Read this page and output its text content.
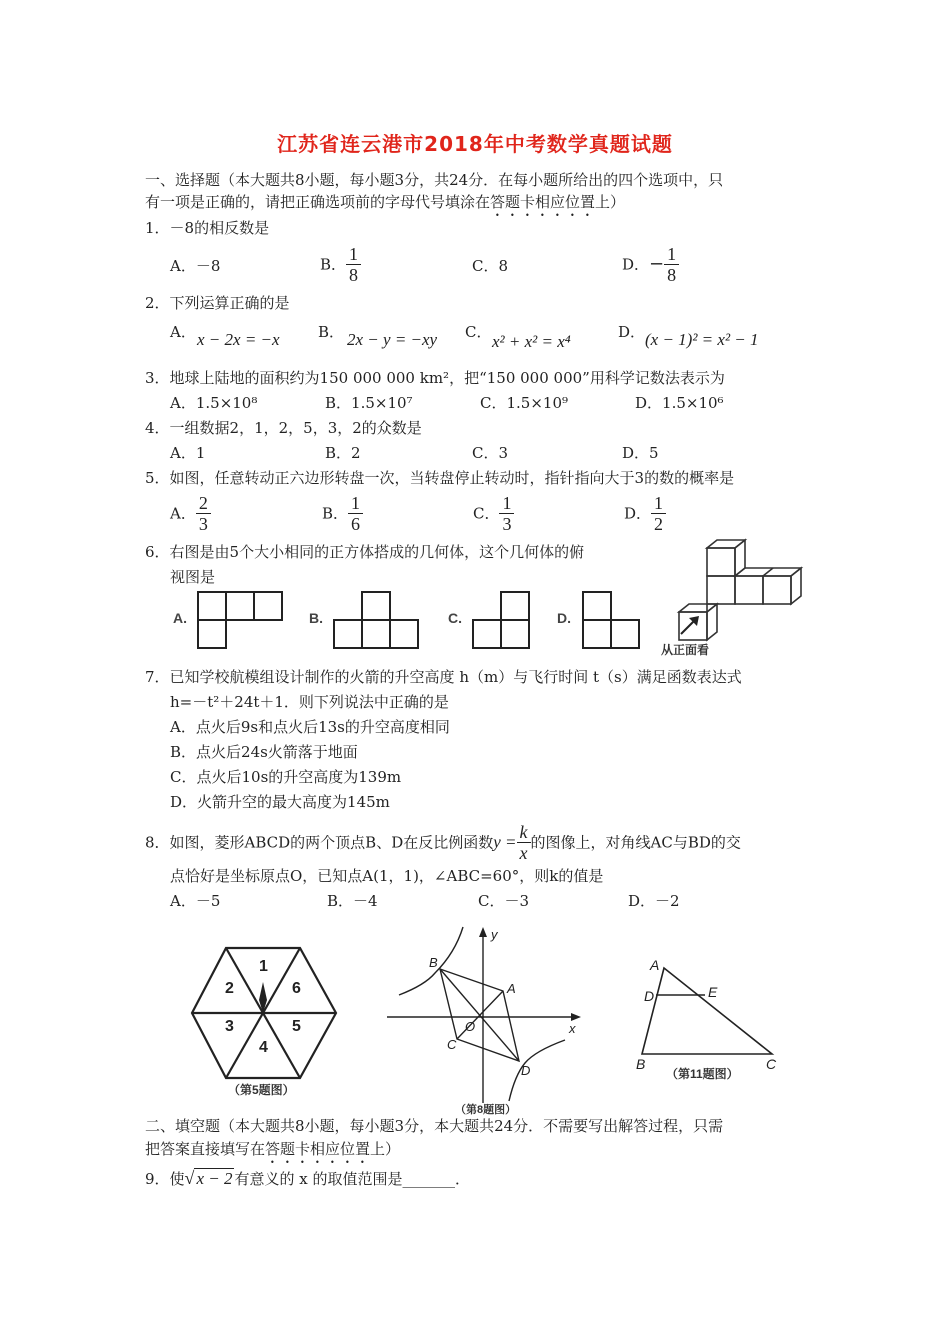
江苏省连云港市2018年中考数学真题试题
一、选择题（本大题共8小题，每小题3分，共24分．在每小题所给出的四个选项中，只
有一项是正确的，请把正确选项前的字母代号填涂在答题卡相应位置上）
1．－8的相反数是
A．－8	B． $\frac{1}{8}$	C．8	D．− $\frac{1}{8}$
2．下列运算正确的是
A． x − 2x = −x	B． 2x − y = −xy C． x² + x² = x⁴	D． (x − 1)² = x² − 1
3．地球上陆地的面积约为150 000 000 km²，把“150 000 000”用科学记数法表示为
A．1.5×10⁸	B．1.5×10⁷	C．1.5×10⁹	D．1.5×10⁶
4．一组数据2，1，2，5，3，2的众数是
A．1	B．2	C．3	D．5
5．如图，任意转动正六边形转盘一次，当转盘停止转动时，指针指向大于3的数的概率是
A． $\frac{2}{3}$	B． $\frac{1}{6}$	C． $\frac{1}{3}$	D． $\frac{1}{2}$
6．右图是由5个大小相同的正方体搭成的几何体，这个几何体的俯
视图是
A.	B.	C.	D.
从正面看
7．已知学校航模组设计制作的火箭的升空高度 h（m）与飞行时间 t（s）满足函数表达式
h=－t²＋24t＋1．则下列说法中正确的是
A．点火后9s和点火后13s的升空高度相同
B．点火后24s火箭落于地面
C．点火后10s的升空高度为139m
D．火箭升空的最大高度为145m
8．如图，菱形ABCD的两个顶点B、D在反比例函数$y = \frac{k}{x}$ 的图像上，对角线AC与BD的交
点恰好是坐标原点O，已知点A(1，1)，∠ABC=60°，则k的值是
A．－5	B．－4	C．－3	D．－2
1
6
5
4
3
2
（第5题图）
y
x
O
A
B
C
D
（第8题图）
A
D	E
B	C
（第11题图）
二、填空题（本大题共8小题，每小题3分，本大题共24分．不需要写出解答过程，只需
把答案直接填写在答题卡相应位置上）
9．使√ x − 2 有意义的 x 的取值范围是_______．
